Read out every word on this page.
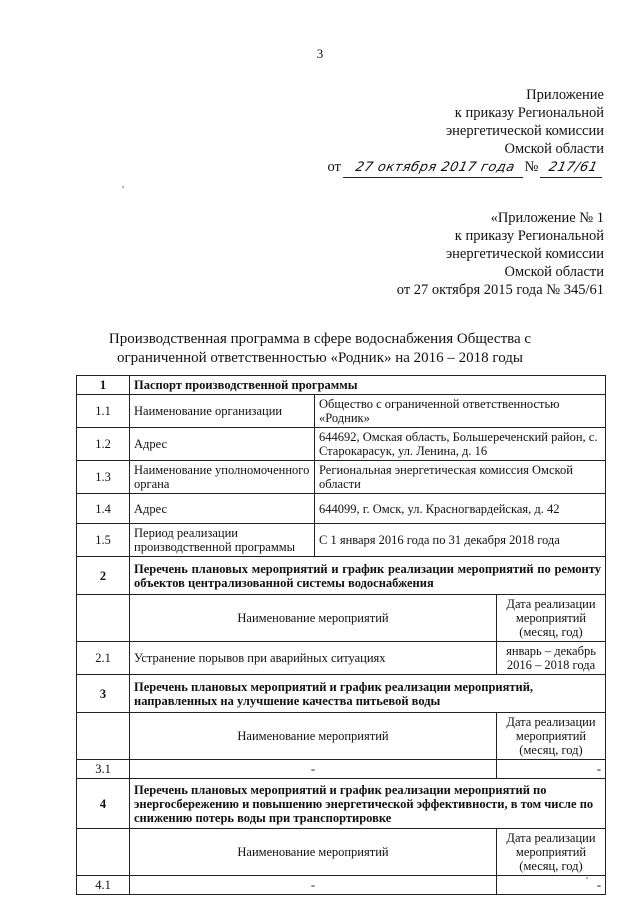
3
Приложение
к приказу Региональной
энергетической комиссии
Омской области
от 27 октября 2017 года № 217/61
«Приложение № 1
к приказу Региональной
энергетической комиссии
Омской области
от 27 октября 2015 года № 345/61
Производственная программа в сфере водоснабжения Общества с
ограниченной ответственностью «Родник» на 2016 – 2018 годы
1	Паспорт производственной программы		
1.1	Наименование организации	Общество с ограниченной ответственностью «Родник»	
1.2	Адрес	644692, Омская область, Большереченский район, с. Старокарасук, ул. Ленина, д. 16	
1.3	Наименование уполномоченного органа	Региональная энергетическая комиссия Омской области	
1.4	Адрес	644099, г. Омск, ул. Красногвардейская, д. 42	
1.5	Период реализации производственной программы	С 1 января 2016 года по 31 декабря 2018 года	
2	Перечень плановых мероприятий и график реализации мероприятий по ремонту объектов централизованной системы водоснабжения		
	Наименование мероприятий		Дата реализации мероприятий (месяц, год)
2.1	Устранение порывов при аварийных ситуациях		январь – декабрь
2016 – 2018 года

3	Перечень плановых мероприятий и график реализации мероприятий, направленных на улучшение качества питьевой воды		
	Наименование мероприятий		Дата реализации мероприятий (месяц, год)
3.1	-		-
4	Перечень плановых мероприятий и график реализации мероприятий по энергосбережению и повышению энергетической эффективности, в том числе по снижению потерь воды при транспортировке		
	Наименование мероприятий		Дата реализации мероприятий (месяц, год)
4.1	-		-
